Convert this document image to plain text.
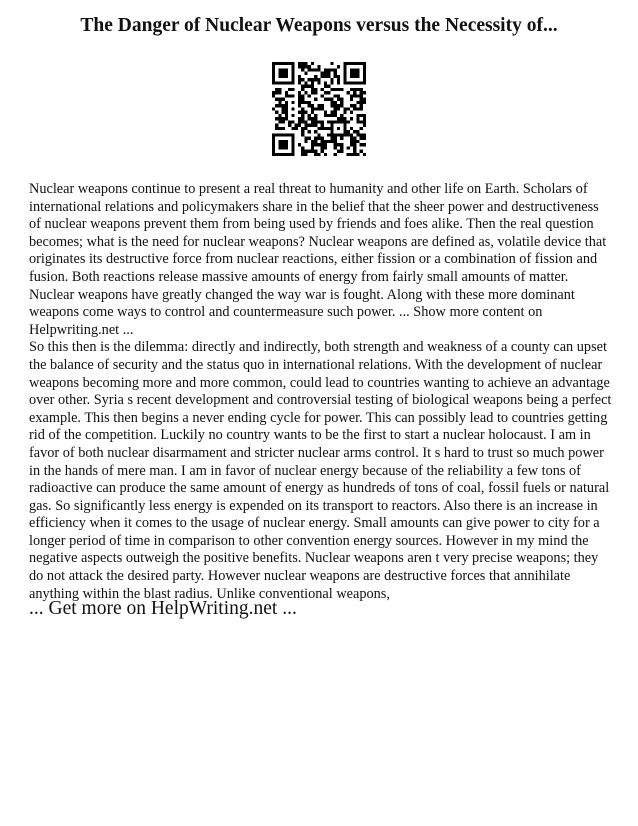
The Danger of Nuclear Weapons versus the Necessity of...

Nuclear weapons continue to present a real threat to humanity and other life on Earth. Scholars of international relations and policymakers share in the belief that the sheer power and destructiveness of nuclear weapons prevent them from being used by friends and foes alike. Then the real question becomes; what is the need for nuclear weapons? Nuclear weapons are defined as, volatile device that originates its destructive force from nuclear reactions, either fission or a combination of fission and fusion. Both reactions release massive amounts of energy from fairly small amounts of matter. Nuclear weapons have greatly changed the way war is fought. Along with these more dominant weapons come ways to control and countermeasure such power. ... Show more content on Helpwriting.net ...

So this then is the dilemma: directly and indirectly, both strength and weakness of a county can upset the balance of security and the status quo in international relations. With the development of nuclear weapons becoming more and more common, could lead to countries wanting to achieve an advantage over other. Syria s recent development and controversial testing of biological weapons being a perfect example. This then begins a never ending cycle for power. This can possibly lead to countries getting rid of the competition. Luckily no country wants to be the first to start a nuclear holocaust. I am in favor of both nuclear disarmament and stricter nuclear arms control. It s hard to trust so much power in the hands of mere man. I am in favor of nuclear energy because of the reliability a few tons of radioactive can produce the same amount of energy as hundreds of tons of coal, fossil fuels or natural gas. So significantly less energy is expended on its transport to reactors. Also there is an increase in efficiency when it comes to the usage of nuclear energy. Small amounts can give power to city for a longer period of time in comparison to other convention energy sources. However in my mind the negative aspects outweigh the positive benefits. Nuclear weapons aren t very precise weapons; they do not attack the desired party. However nuclear weapons are destructive forces that annihilate anything within the blast radius. Unlike conventional weapons,

... Get more on HelpWriting.net ...
